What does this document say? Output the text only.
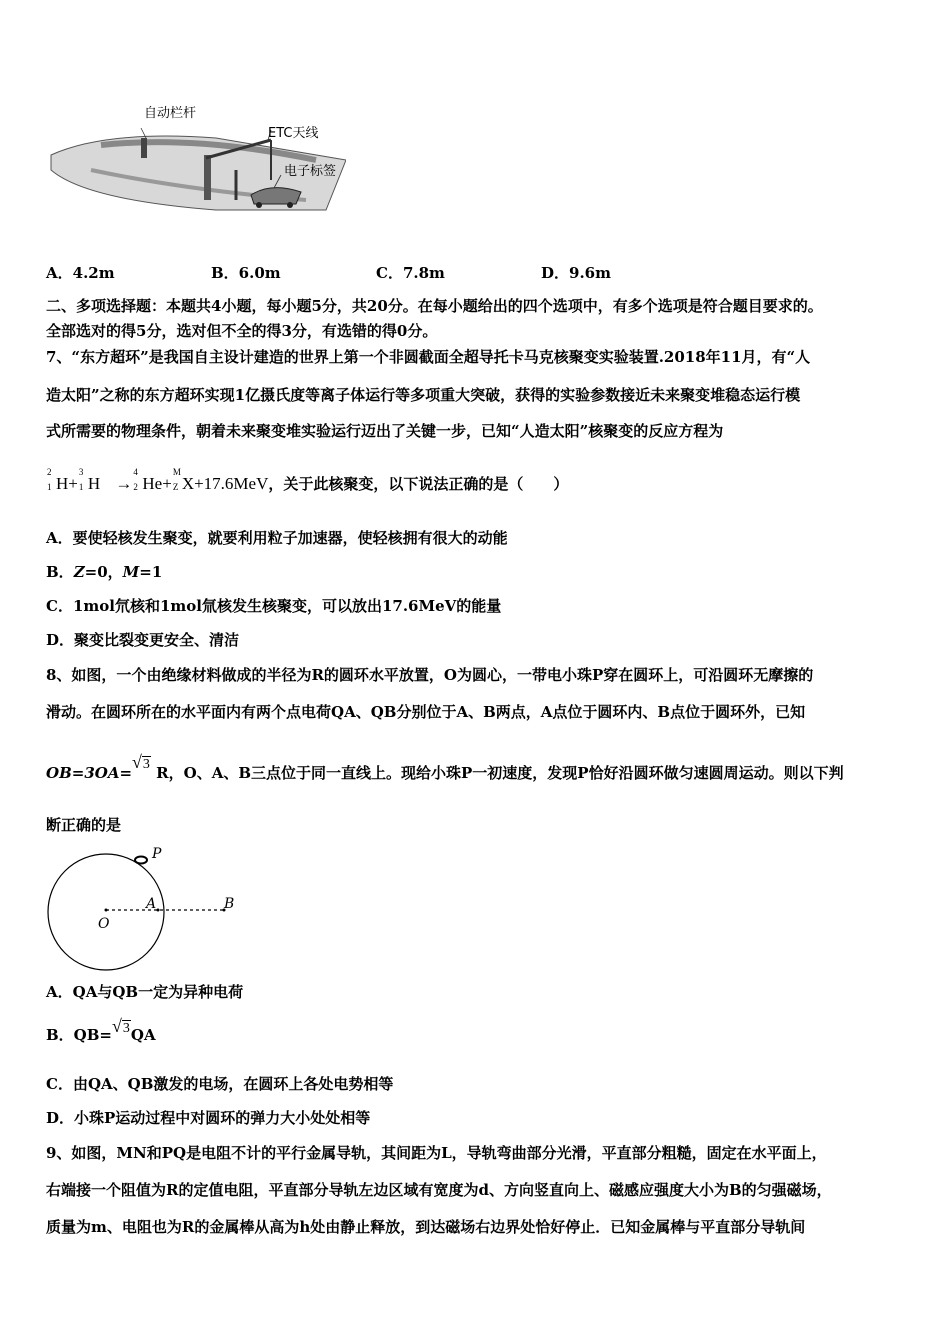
自动栏杆
ETC天线
电子标签
A．4.2m	B．6.0m	C．7.8m	D．9.6m
二、多项选择题：本题共4小题，每小题5分，共20分。在每小题给出的四个选项中，有多个选项是符合题目要求的。
全部选对的得5分，选对但不全的得3分，有选错的得0分。
7、“东方超环”是我国自主设计建造的世界上第一个非圆截面全超导托卡马克核聚变实验装置.2018年11月，有“人
造太阳”之称的东方超环实现1亿摄氏度等离子体运行等多项重大突破，获得的实验参数接近未来聚变堆稳态运行模
式所需要的物理条件，朝着未来聚变堆实验运行迈出了关键一步，已知“人造太阳”核聚变的反应方程为
2
1 H+
3
1 H →
4
2 He+
M
Z X+17.6MeV，关于此核聚变，以下说法正确的是（　　）
A．要使轻核发生聚变，就要利用粒子加速器，使轻核拥有很大的动能
B．Z=0，M=1
C．1mol氘核和1mol氚核发生核聚变，可以放出17.6MeV的能量
D．聚变比裂变更安全、清洁
8、如图，一个由绝缘材料做成的半径为R的圆环水平放置，O为圆心，一带电小珠P穿在圆环上，可沿圆环无摩擦的
滑动。在圆环所在的水平面内有两个点电荷QA、QB分别位于A、B两点，A点位于圆环内、B点位于圆环外，已知
OB=3OA=√$^3$ R，O、A、B三点位于同一直线上。现给小珠P一初速度，发现P恰好沿圆环做匀速圆周运动。则以下判
断正确的是
P
O
A	B
A．QA与QB一定为异种电荷
B．QB=√$^3$QA
C．由QA、QB激发的电场，在圆环上各处电势相等
D．小珠P运动过程中对圆环的弹力大小处处相等
9、如图，MN和PQ是电阻不计的平行金属导轨，其间距为L，导轨弯曲部分光滑，平直部分粗糙，固定在水平面上，
右端接一个阻值为R的定值电阻，平直部分导轨左边区域有宽度为d、方向竖直向上、磁感应强度大小为B的匀强磁场，
质量为m、电阻也为R的金属棒从高为h处由静止释放，到达磁场右边界处恰好停止．已知金属棒与平直部分导轨间
